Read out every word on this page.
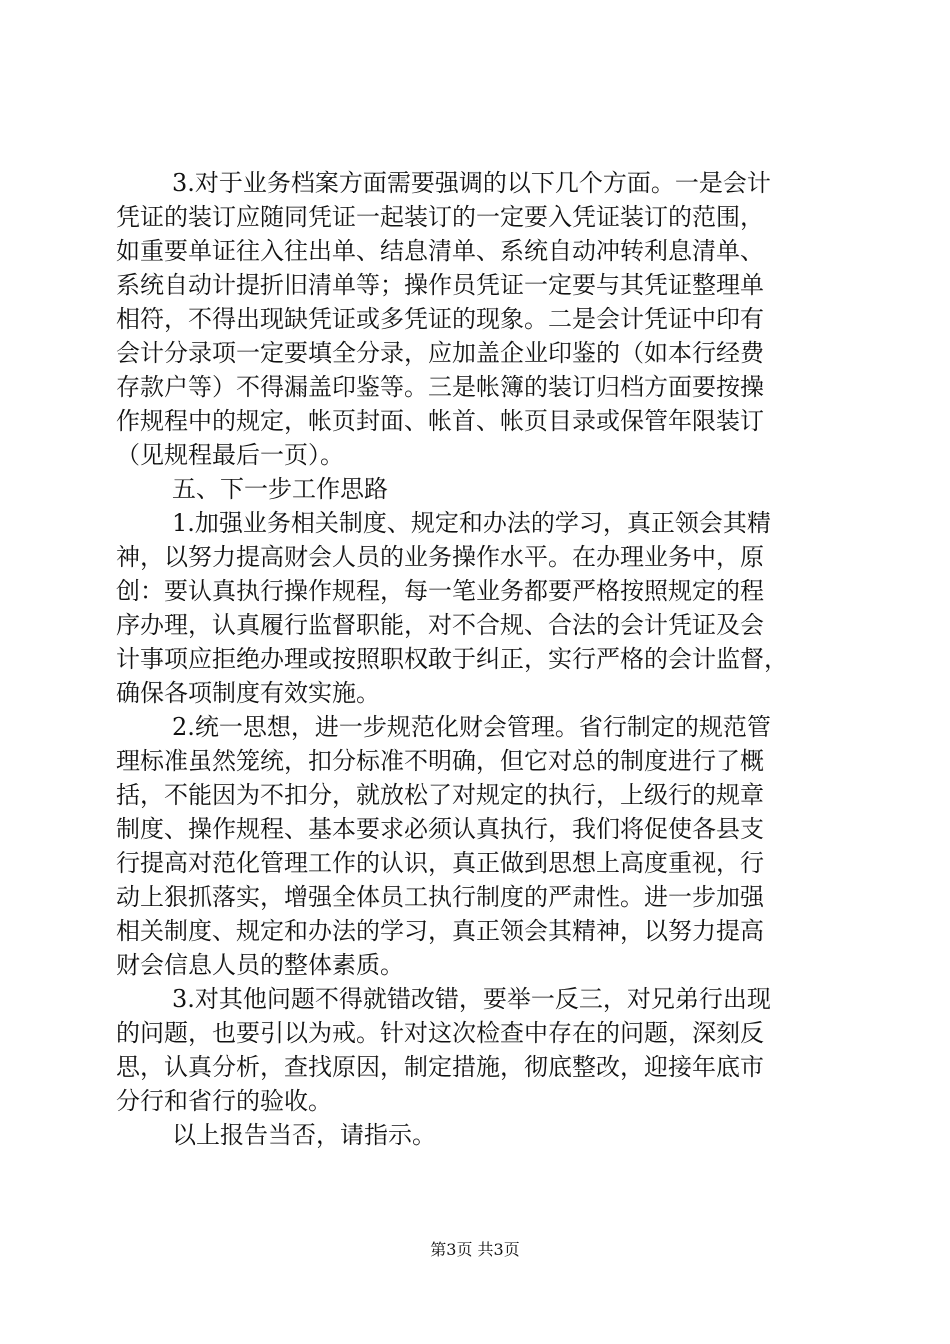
3.对于业务档案方面需要强调的以下几个方面。一是会计
凭证的装订应随同凭证一起装订的一定要入凭证装订的范围，
如重要单证往入往出单、结息清单、系统自动冲转利息清单、
系统自动计提折旧清单等；操作员凭证一定要与其凭证整理单
相符，不得出现缺凭证或多凭证的现象。二是会计凭证中印有
会计分录项一定要填全分录，应加盖企业印鉴的（如本行经费
存款户等）不得漏盖印鉴等。三是帐簿的装订归档方面要按操
作规程中的规定，帐页封面、帐首、帐页目录或保管年限装订
（见规程最后一页）。
五、下一步工作思路
1.加强业务相关制度、规定和办法的学习，真正领会其精
神，以努力提高财会人员的业务操作水平。在办理业务中，原
创：要认真执行操作规程，每一笔业务都要严格按照规定的程
序办理，认真履行监督职能，对不合规、合法的会计凭证及会
计事项应拒绝办理或按照职权敢于纠正，实行严格的会计监督，
确保各项制度有效实施。
2.统一思想，进一步规范化财会管理。省行制定的规范管
理标准虽然笼统，扣分标准不明确，但它对总的制度进行了概
括，不能因为不扣分，就放松了对规定的执行，上级行的规章
制度、操作规程、基本要求必须认真执行，我们将促使各县支
行提高对范化管理工作的认识，真正做到思想上高度重视，行
动上狠抓落实，增强全体员工执行制度的严肃性。进一步加强
相关制度、规定和办法的学习，真正领会其精神，以努力提高
财会信息人员的整体素质。
3.对其他问题不得就错改错，要举一反三，对兄弟行出现
的问题，也要引以为戒。针对这次检查中存在的问题，深刻反
思，认真分析，查找原因，制定措施，彻底整改，迎接年底市
分行和省行的验收。
以上报告当否，请指示。
第3页 共3页
